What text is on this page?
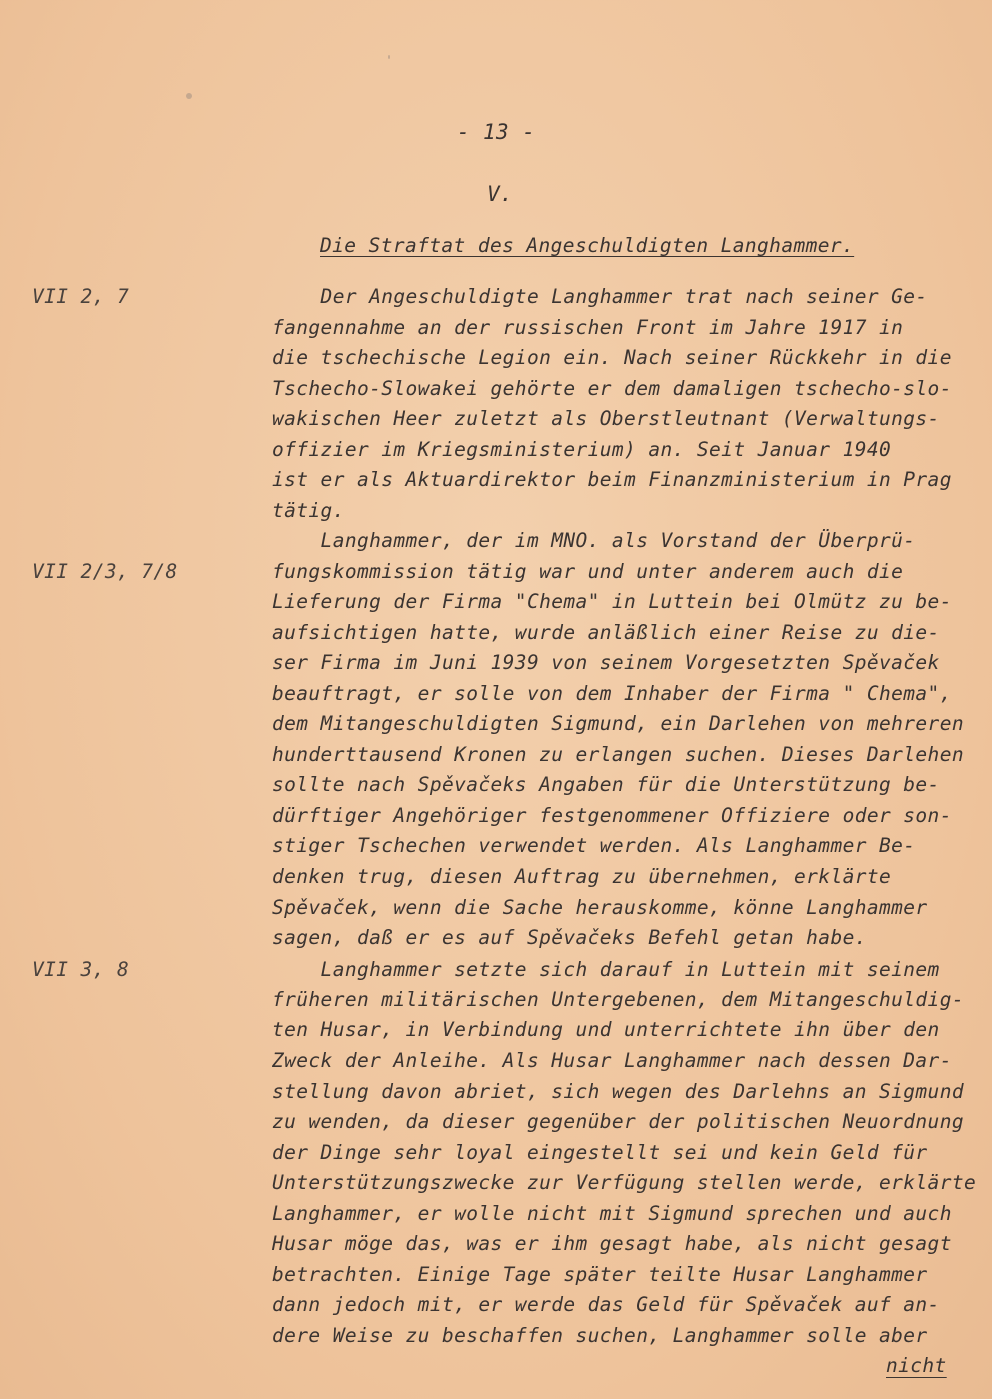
- 13 -
V.
Die Straftat des Angeschuldigten Langhammer.
VII 2, 7
VII 2/3, 7/8
VII 3, 8
Der Angeschuldigte Langhammer trat nach seiner Ge-
fangennahme an der russischen Front im Jahre 1917 in
die tschechische Legion ein. Nach seiner Rückkehr in die
Tschecho-Slowakei gehörte er dem damaligen tschecho-slo-
wakischen Heer zuletzt als Oberstleutnant (Verwaltungs-
offizier im Kriegsministerium) an. Seit Januar 1940
ist er als Aktuardirektor beim Finanzministerium in Prag
tätig.
Langhammer, der im MNO. als Vorstand der Überprü-
fungskommission tätig war und unter anderem auch die
Lieferung der Firma "Chema" in Luttein bei Olmütz zu be-
aufsichtigen hatte, wurde anläßlich einer Reise zu die-
ser Firma im Juni 1939 von seinem Vorgesetzten Spěvaček
beauftragt, er solle von dem Inhaber der Firma " Chema",
dem Mitangeschuldigten Sigmund, ein Darlehen von mehreren
hunderttausend Kronen zu erlangen suchen. Dieses Darlehen
sollte nach Spěvačeks Angaben für die Unterstützung be-
dürftiger Angehöriger festgenommener Offiziere oder son-
stiger Tschechen verwendet werden. Als Langhammer Be-
denken trug, diesen Auftrag zu übernehmen, erklärte
Spěvaček, wenn die Sache herauskomme, könne Langhammer
sagen, daß er es auf Spěvačeks Befehl getan habe.
Langhammer setzte sich darauf in Luttein mit seinem
früheren militärischen Untergebenen, dem Mitangeschuldig-
ten Husar, in Verbindung und unterrichtete ihn über den
Zweck der Anleihe. Als Husar Langhammer nach dessen Dar-
stellung davon abriet, sich wegen des Darlehns an Sigmund
zu wenden, da dieser gegenüber der politischen Neuordnung
der Dinge sehr loyal eingestellt sei und kein Geld für
Unterstützungszwecke zur Verfügung stellen werde, erklärte
Langhammer, er wolle nicht mit Sigmund sprechen und auch
Husar möge das, was er ihm gesagt habe, als nicht gesagt
betrachten. Einige Tage später teilte Husar Langhammer
dann jedoch mit, er werde das Geld für Spěvaček auf an-
dere Weise zu beschaffen suchen, Langhammer solle aber
nicht
